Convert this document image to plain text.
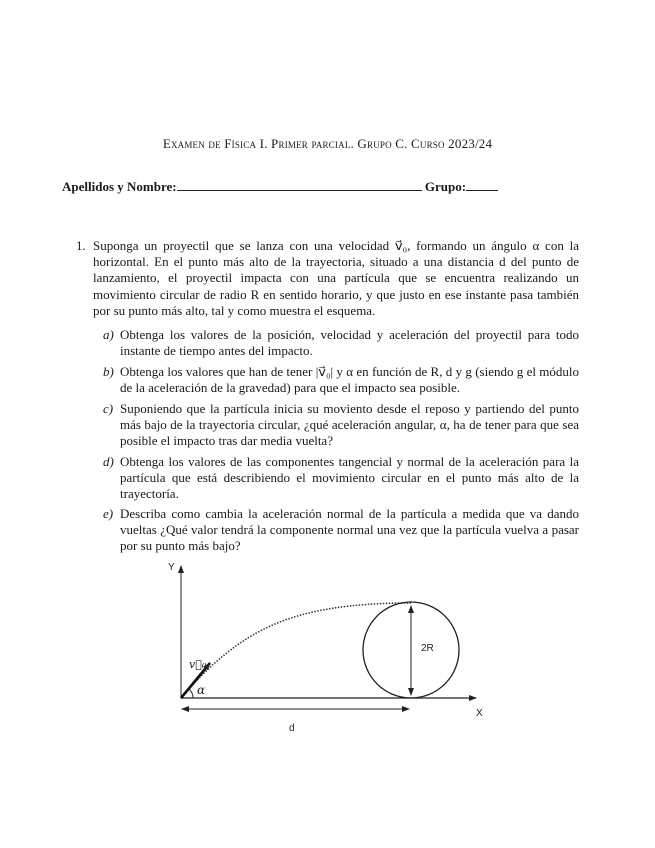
Examen de Física I. Primer parcial. Grupo C. Curso 2023/24
Apellidos y Nombre:	Grupo:
1. Suponga un proyectil que se lanza con una velocidad v⃗₀, formando un ángulo α con la horizontal. En el punto más alto de la trayectoria, situado a una distancia d del punto de lanzamiento, el proyectil impacta con una partícula que se encuentra realizando un movimiento circular de radio R en sentido horario, y que justo en ese instante pasa también por su punto más alto, tal y como muestra el esquema.
a) Obtenga los valores de la posición, velocidad y aceleración del proyectil para todo instante de tiempo antes del impacto.
b) Obtenga los valores que han de tener |v⃗₀| y α en función de R, d y g (siendo g el módulo de la aceleración de la gravedad) para que el impacto sea posible.
c) Suponiendo que la partícula inicia su moviento desde el reposo y partiendo del punto más bajo de la trayectoria circular, ¿qué aceleración angular, α, ha de tener para que sea posible el impacto tras dar media vuelta?
d) Obtenga los valores de las componentes tangencial y normal de la aceleración para la partícula que está describiendo el movimiento circular en el punto más alto de la trayectoría.
e) Describa como cambia la aceleración normal de la partícula a medida que va dando vueltas ¿Qué valor tendrá la componente normal una vez que la partícula vuelva a pasar por su punto más bajo?
Y
X
v⃗₀
α
2R
d
